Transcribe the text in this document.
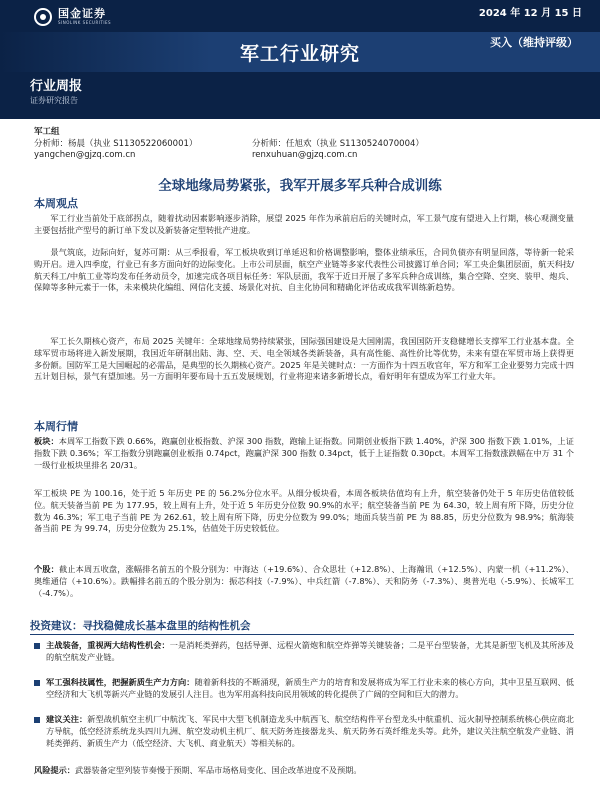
国金证券
SINOLINK SECURITIES
2024 年 12 月 15 日
军工行业研究
买入（维持评级）
行业周报
证券研究报告
军工组
分析师：杨晨（执业 S1130522060001）	分析师：任旭欢（执业 S1130524070004）
yangchen@gjzq.com.cn	renxuhuan@gjzq.com.cn
全球地缘局势紧张，我军开展多军兵种合成训练
本周观点
军工行业当前处于底部拐点，随着扰动因素影响逐步消除，展望 2025 年作为承前启后的关键时点，军工景气度有望进入上行期，核心观测变量主要包括批产型号的新订单下发以及新装备定型转批产进度。
景气筑底，边际向好，复苏可期：从三季报看，军工板块收到订单延迟和价格调整影响，整体业绩承压，合同负债亦有明显回落，等待新一轮采购开启。进入四季度，行业已有多方面向好的边际变化。上市公司层面，航空产业链等多家代表性公司披露订单合同；军工央企集团层面，航天科技/航天科工/中航工业等均发布任务动员令，加速完成各项目标任务：军队层面，我军于近日开展了多军兵种合成训练，集合空降、空突、装甲、炮兵、保障等多种元素于一体，未来模块化编组、网信化支援、场景化对抗、自主化协同和精确化评估或成我军训练新趋势。
军工长久期核心资产，布局 2025 关键年：全球地缘局势持续紧张，国际强国建设是大国刚需，我国国防开支稳健增长支撑军工行业基本盘。全球军贸市场将进入新发展期，我国近年研制出陆、海、空、天、电全领域各类新装备，具有高性能、高性价比等优势，未来有望在军贸市场上获得更多份额。国防军工是大国崛起的必需品，是典型的长久期核心资产。2025 年是关键时点：一方面作为十四五收官年，军方和军工企业要努力完成十四五计划目标，景气有望加速。另一方面明年要布局十五五发展规划，行业将迎来诸多新增长点，看好明年有望成为军工行业大年。
本周行情
板块：本周军工指数下跌 0.66%，跑赢创业板指数、沪深 300 指数，跑输上证指数。同期创业板指下跌 1.40%，沪深 300 指数下跌 1.01%，上证指数下跌 0.36%；军工指数分别跑赢创业板指 0.74pct，跑赢沪深 300 指数 0.34pct，低于上证指数 0.30pct。本周军工指数涨跌幅在中万 31 个一级行业板块里排名 20/31。
军工板块 PE 为 100.16，处于近 5 年历史 PE 的 56.2%分位水平。从细分板块看，本周各板块估值均有上升，航空装备仍处于 5 年历史估值较低位。航天装备当前 PE 为 177.95，较上周有上升，处于近 5 年历史分位数 90.9%的水平；航空装备当前 PE 为 64.30，较上周有所下降，历史分位数为 46.3%；军工电子当前 PE 为 262.61，较上周有所下降，历史分位数为 99.0%；地面兵装当前 PE 为 88.85，历史分位数为 98.9%；航海装备当前 PE 为 99.74，历史分位数为 25.1%，估值处于历史较低位。
个股：截止本周五收盘，涨幅排名前五的个股分别为：中海达（+19.6%）、合众思壮（+12.8%）、上海瀚讯（+12.5%）、内蒙一机（+11.2%）、奥维通信（+10.6%）。跌幅排名前五的个股分别为：振芯科技（-7.9%）、中兵红箭（-7.8%）、天和防务（-7.3%）、奥普光电（-5.9%）、长城军工（-4.7%）。
投资建议：寻找稳健成长基本盘里的结构性机会
主战装备，重视两大结构性机会：一是消耗类弹药，包括导弹、远程火箭炮和航空炸弹等关键装备；二是平台型装备，尤其是新型飞机及其所涉及的航空航发产业链。
军工强科技属性，把握新质生产力方向：随着新科技的不断涌现，新质生产力的培育和发展将成为军工行业未来的核心方向，其中卫星互联网、低空经济和大飞机等新兴产业链的发展引人注目。也为军用高科技向民用领域的转化提供了广阔的空间和巨大的潜力。
建议关注：新型战机航空主机厂中航沈飞、军民中大型飞机制造龙头中航西飞、航空结构件平台型龙头中航重机、远火制导控制系统核心供应商北方导航，低空经济系统龙头四川九洲、航空发动机主机厂、航天防务连接器龙头、航天防务石英纤维龙头等。此外，建议关注航空航发产业链、消耗类弹药、新质生产力（低空经济、大飞机、商业航天）等相关标的。
风险提示：武器装备定型列装节奏慢于预期、军品市场格局变化、国企改革进度不及预期。
